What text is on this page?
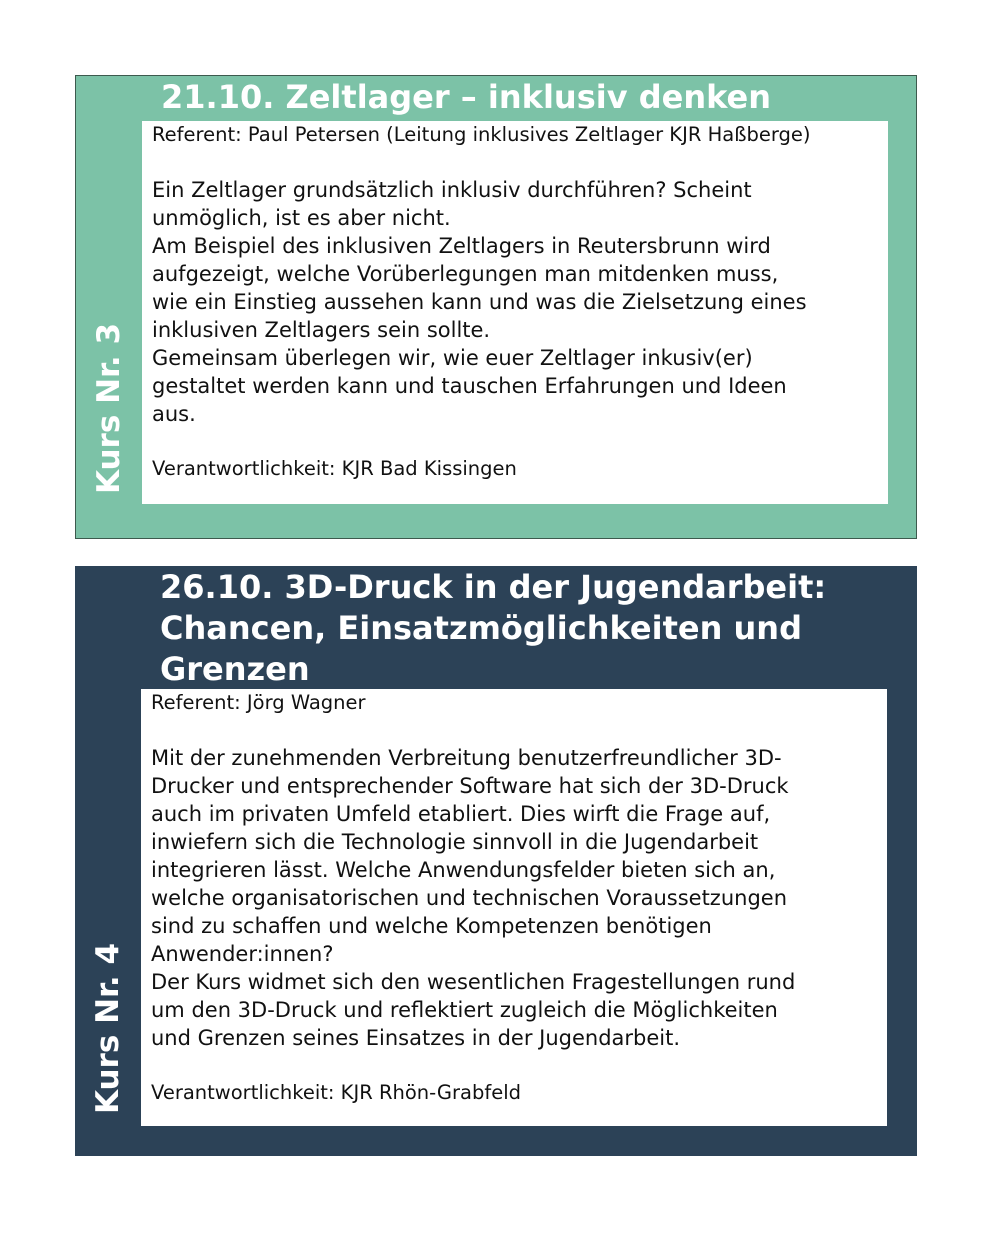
Kurs Nr. 3
21.10. Zeltlager – inklusiv denken

Referent: Paul Petersen (Leitung inklusives Zeltlager KJR Haßberge)

Ein Zeltlager grundsätzlich inklusiv durchführen? Scheint

unmöglich, ist es aber nicht.

Am Beispiel des inklusiven Zeltlagers in Reutersbrunn wird

aufgezeigt, welche Vorüberlegungen man mitdenken muss,

wie ein Einstieg aussehen kann und was die Zielsetzung eines

inklusiven Zeltlagers sein sollte.

Gemeinsam überlegen wir, wie euer Zeltlager inkusiv(er)

gestaltet werden kann und tauschen Erfahrungen und Ideen

aus.

Verantwortlichkeit: KJR Bad Kissingen

Kurs Nr. 4
26.10. 3D-Druck in der Jugendarbeit:
Chancen, Einsatzmöglichkeiten und
Grenzen

Referent: Jörg Wagner

Mit der zunehmenden Verbreitung benutzerfreundlicher 3D-

Drucker und entsprechender Software hat sich der 3D-Druck

auch im privaten Umfeld etabliert. Dies wirft die Frage auf,

inwiefern sich die Technologie sinnvoll in die Jugendarbeit

integrieren lässt. Welche Anwendungsfelder bieten sich an,

welche organisatorischen und technischen Voraussetzungen

sind zu schaffen und welche Kompetenzen benötigen

Anwender:innen?

Der Kurs widmet sich den wesentlichen Fragestellungen rund

um den 3D-Druck und reflektiert zugleich die Möglichkeiten

und Grenzen seines Einsatzes in der Jugendarbeit.

Verantwortlichkeit: KJR Rhön-Grabfeld
